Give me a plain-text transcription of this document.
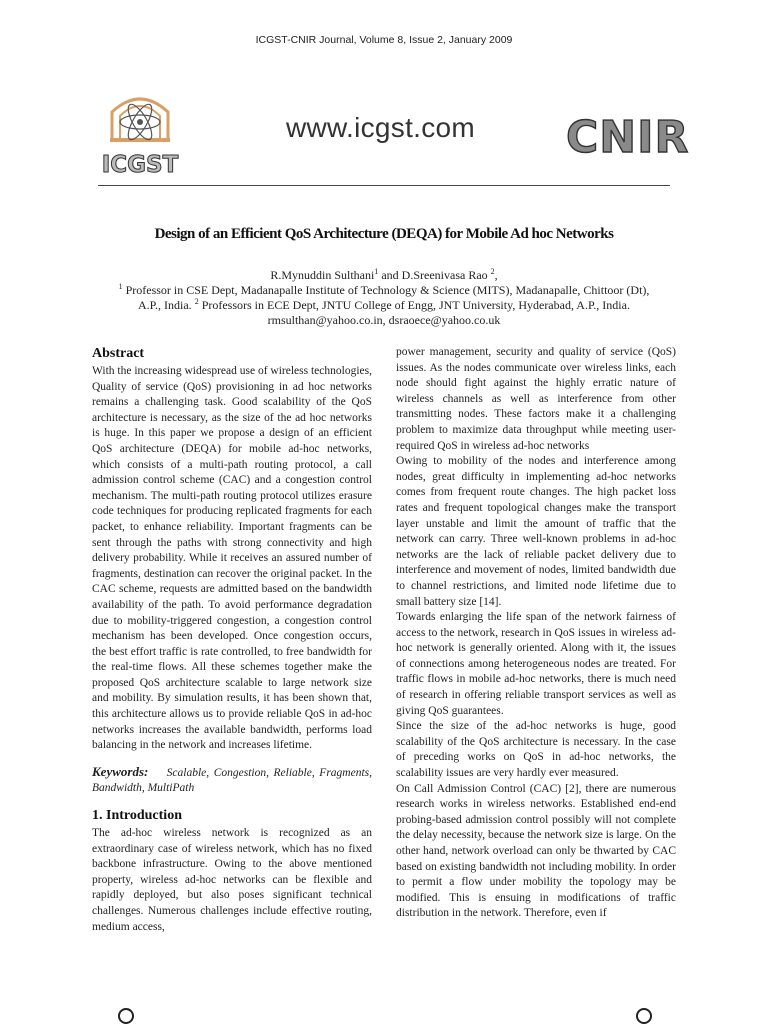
ICGST-CNIR Journal, Volume 8, Issue 2, January 2009
ICGST
www.icgst.com CNIR
Design of an Efficient QoS Architecture (DEQA) for Mobile Ad hoc Networks
R.Mynuddin Sulthani$^1$ and D.Sreenivasa Rao $^2$,
$^1$ Professor in CSE Dept, Madanapalle Institute of Technology & Science (MITS), Madanapalle, Chittoor (Dt),
A.P., India. $^2$ Professors in ECE Dept, JNTU College of Engg, JNT University, Hyderabad, A.P., India.
rmsulthan@yahoo.co.in, dsraoece@yahoo.co.uk
Abstract

With the increasing widespread use of wireless technologies, Quality of service (QoS) provisioning in ad hoc networks remains a challenging task. Good scalability of the QoS architecture is necessary, as the size of the ad hoc networks is huge. In this paper we propose a design of an efficient QoS architecture (DEQA) for mobile ad-hoc networks, which consists of a multi-path routing protocol, a call admission control scheme (CAC) and a congestion control mechanism. The multi-path routing protocol utilizes erasure code techniques for producing replicated fragments for each packet, to enhance reliability. Important fragments can be sent through the paths with strong connectivity and high delivery probability. While it receives an assured number of fragments, destination can recover the original packet. In the CAC scheme, requests are admitted based on the bandwidth availability of the path. To avoid performance degradation due to mobility-triggered congestion, a congestion control mechanism has been developed. Once congestion occurs, the best effort traffic is rate controlled, to free bandwidth for the real-time flows. All these schemes together make the proposed QoS architecture scalable to large network size and mobility. By simulation results, it has been shown that, this architecture allows us to provide reliable QoS in ad-hoc networks increases the available bandwidth, performs load balancing in the network and increases lifetime.

Keywords: Scalable, Congestion, Reliable, Fragments, Bandwidth, MultiPath

1. Introduction

The ad-hoc wireless network is recognized as an extraordinary case of wireless network, which has no fixed backbone infrastructure. Owing to the above mentioned property, wireless ad-hoc networks can be flexible and rapidly deployed, but also poses significant technical challenges. Numerous challenges include effective routing, medium access,

power management, security and quality of service (QoS) issues. As the nodes communicate over wireless links, each node should fight against the highly erratic nature of wireless channels as well as interference from other transmitting nodes. These factors make it a challenging problem to maximize data throughput while meeting user-required QoS in wireless ad-hoc networks

Owing to mobility of the nodes and interference among nodes, great difficulty in implementing ad-hoc networks comes from frequent route changes. The high packet loss rates and frequent topological changes make the transport layer unstable and limit the amount of traffic that the network can carry. Three well-known problems in ad-hoc networks are the lack of reliable packet delivery due to interference and movement of nodes, limited bandwidth due to channel restrictions, and limited node lifetime due to small battery size [14].

Towards enlarging the life span of the network fairness of access to the network, research in QoS issues in wireless ad-hoc network is generally oriented. Along with it, the issues of connections among heterogeneous nodes are treated. For traffic flows in mobile ad-hoc networks, there is much need of research in offering reliable transport services as well as giving QoS guarantees.

Since the size of the ad-hoc networks is huge, good scalability of the QoS architecture is necessary. In the case of preceding works on QoS in ad-hoc networks, the scalability issues are very hardly ever measured.

On Call Admission Control (CAC) [2], there are numerous research works in wireless networks. Established end-end probing-based admission control possibly will not complete the delay necessity, because the network size is large. On the other hand, network overload can only be thwarted by CAC based on existing bandwidth not including mobility. In order to permit a flow under mobility the topology may be modified. This is ensuing in modifications of traffic distribution in the network. Therefore, even if
